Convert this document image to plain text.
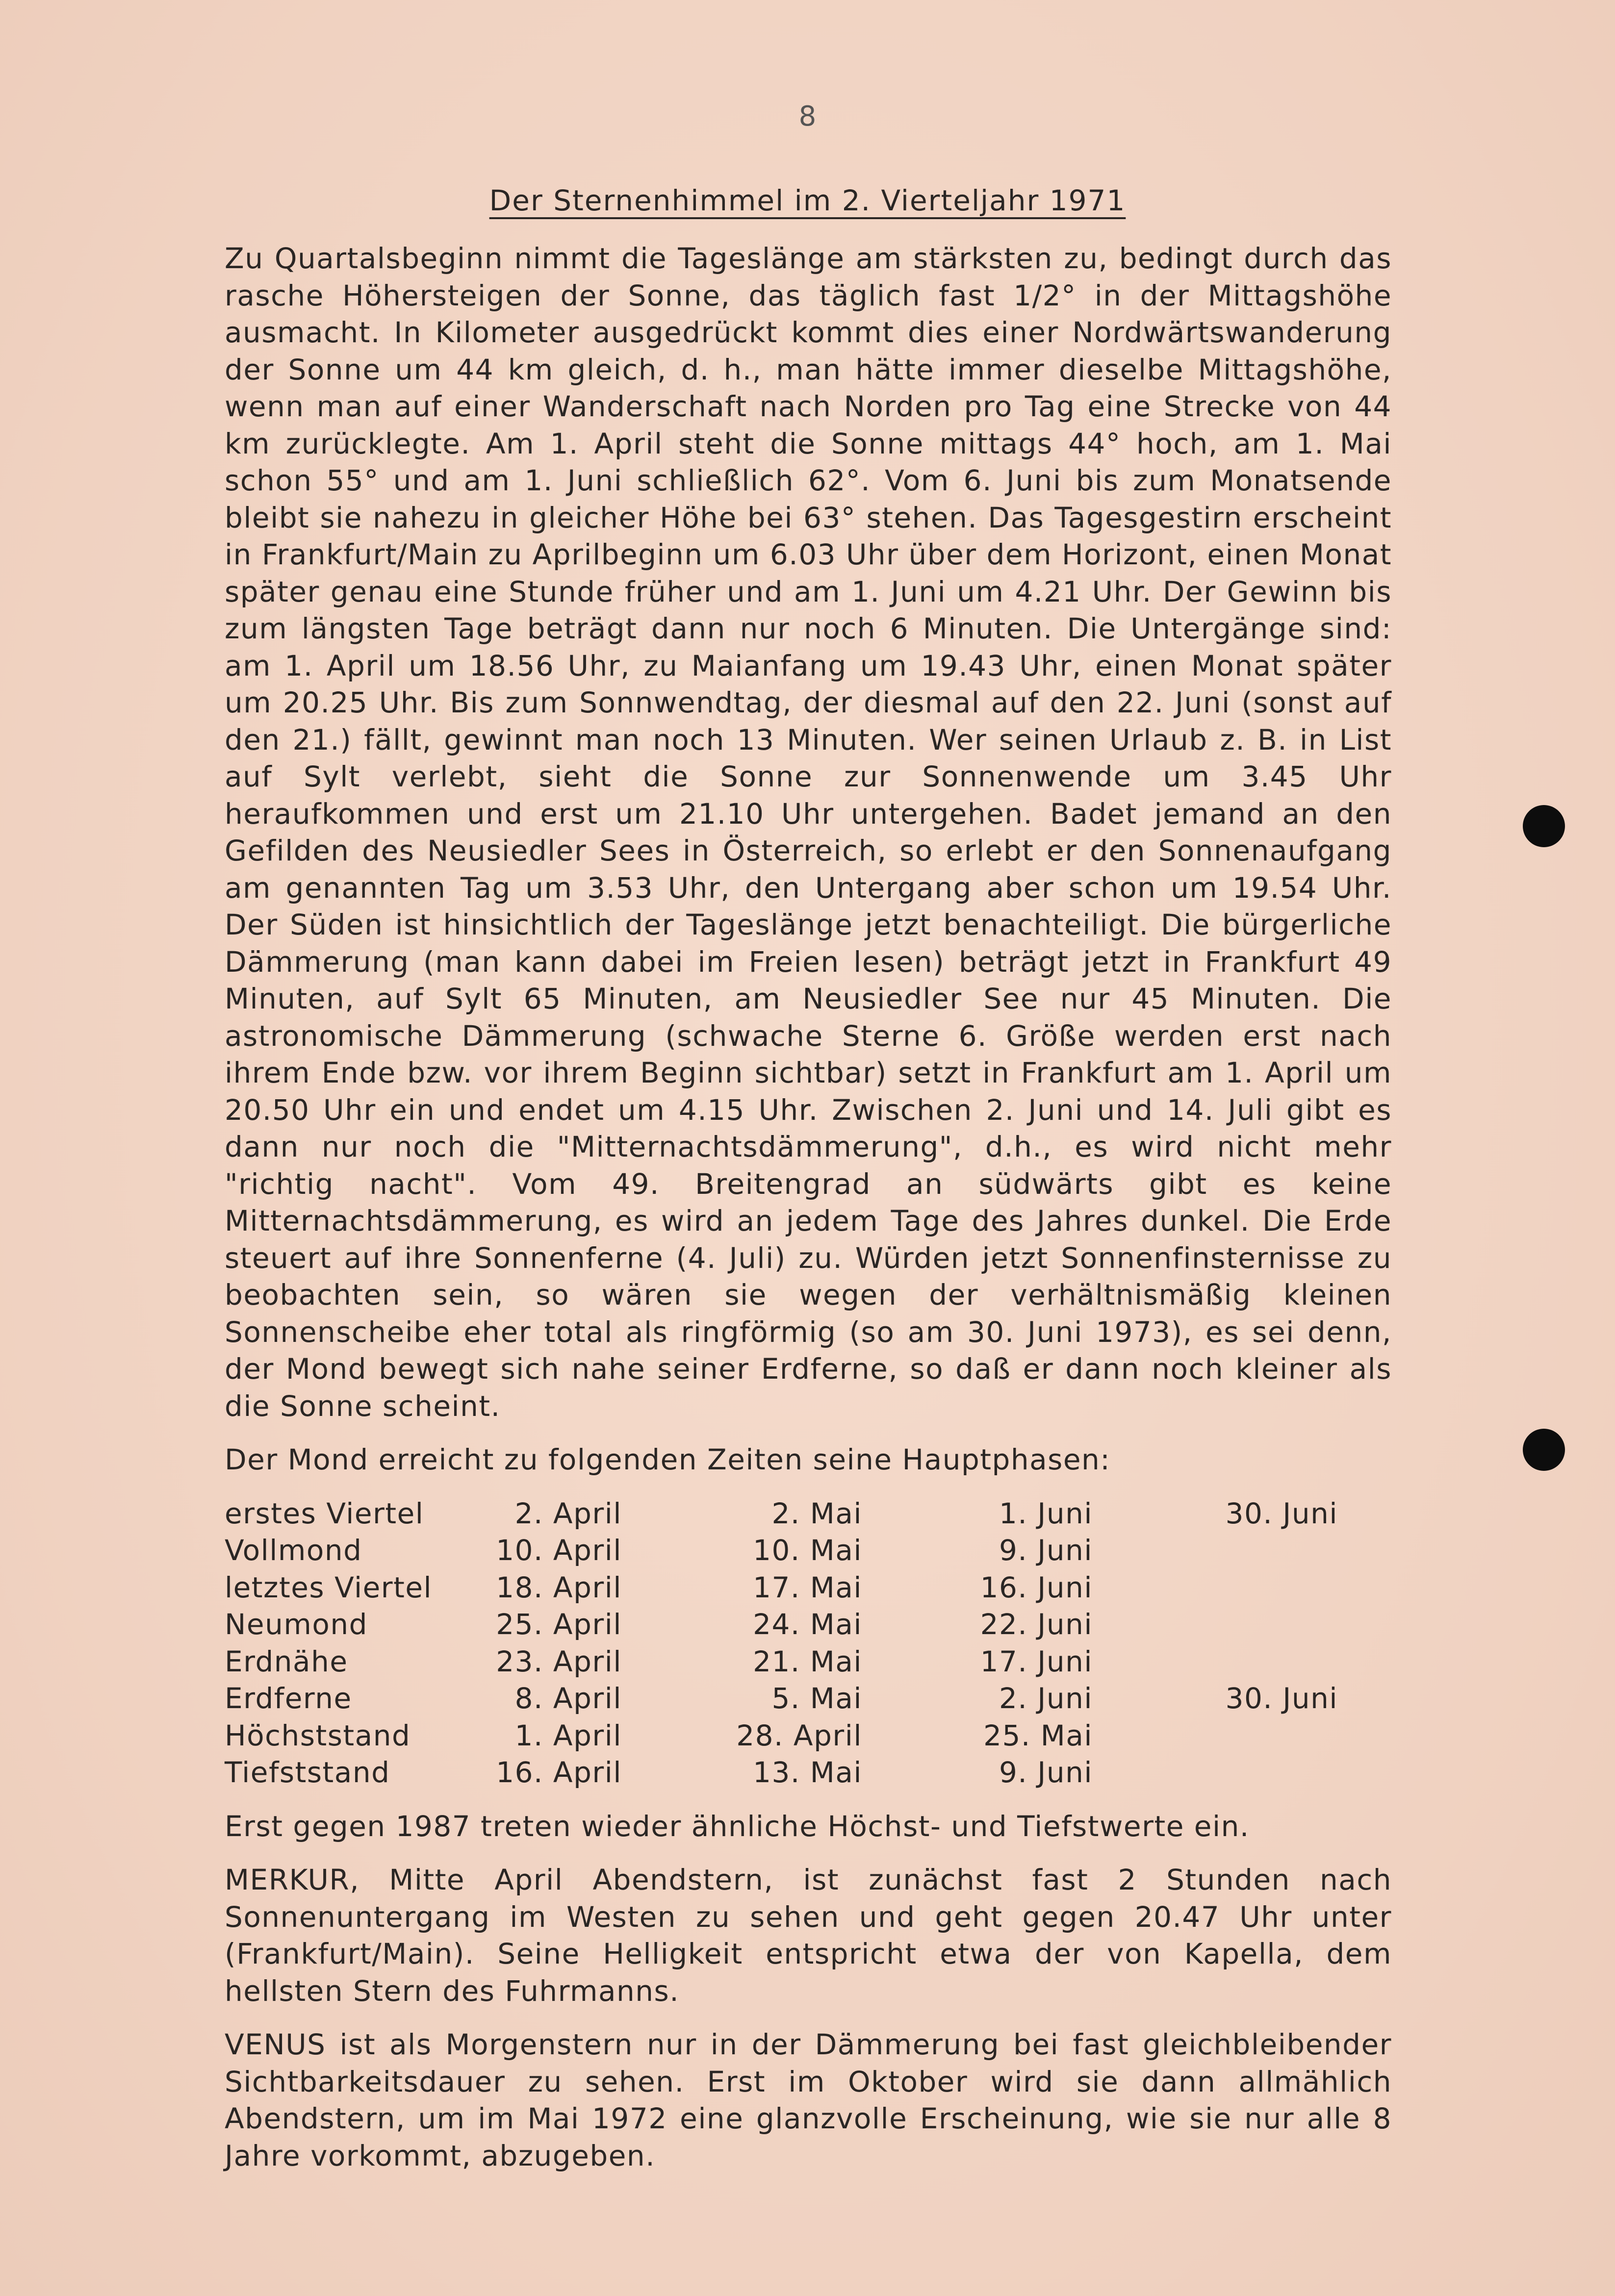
8
Der Sternenhimmel im 2. Vierteljahr 1971

Zu Quartalsbeginn nimmt die Tageslänge am stärksten zu, bedingt durch das rasche Höhersteigen der Sonne, das täglich fast 1/2° in der Mittagshöhe ausmacht. In Kilometer ausgedrückt kommt dies einer Nordwärtswanderung der Sonne um 44 km gleich, d. h., man hätte immer dieselbe Mittagshöhe, wenn man auf einer Wanderschaft nach Norden pro Tag eine Strecke von 44 km zurücklegte. Am 1. April steht die Sonne mittags 44° hoch, am 1. Mai schon 55° und am 1. Juni schließlich 62°. Vom 6. Juni bis zum Monatsende bleibt sie nahezu in gleicher Höhe bei 63° stehen. Das Tagesgestirn erscheint in Frankfurt/Main zu Aprilbeginn um 6.03 Uhr über dem Horizont, einen Monat später genau eine Stunde früher und am 1. Juni um 4.21 Uhr. Der Gewinn bis zum längsten Tage beträgt dann nur noch 6 Minuten. Die Untergänge sind: am 1. April um 18.56 Uhr, zu Maianfang um 19.43 Uhr, einen Monat später um 20.25 Uhr. Bis zum Sonnwendtag, der diesmal auf den 22. Juni (sonst auf den 21.) fällt, gewinnt man noch 13 Minuten. Wer seinen Urlaub z. B. in List auf Sylt verlebt, sieht die Sonne zur Sonnenwende um 3.45 Uhr heraufkommen und erst um 21.10 Uhr untergehen. Badet jemand an den Gefilden des Neusiedler Sees in Österreich, so erlebt er den Sonnenaufgang am genannten Tag um 3.53 Uhr, den Untergang aber schon um 19.54 Uhr. Der Süden ist hinsichtlich der Tageslänge jetzt benachteiligt. Die bürgerliche Dämmerung (man kann dabei im Freien lesen) beträgt jetzt in Frankfurt 49 Minuten, auf Sylt 65 Minuten, am Neusiedler See nur 45 Minuten. Die astronomische Dämmerung (schwache Sterne 6. Größe werden erst nach ihrem Ende bzw. vor ihrem Beginn sichtbar) setzt in Frankfurt am 1. April um 20.50 Uhr ein und endet um 4.15 Uhr. Zwischen 2. Juni und 14. Juli gibt es dann nur noch die "Mitternachtsdämmerung", d.h., es wird nicht mehr "richtig nacht". Vom 49. Breitengrad an südwärts gibt es keine Mitternachtsdämmerung, es wird an jedem Tage des Jahres dunkel. Die Erde steuert auf ihre Sonnenferne (4. Juli) zu. Würden jetzt Sonnenfinsternisse zu beobachten sein, so wären sie wegen der verhältnismäßig kleinen Sonnenscheibe eher total als ringförmig (so am 30. Juni 1973), es sei denn, der Mond bewegt sich nahe seiner Erdferne, so daß er dann noch kleiner als die Sonne scheint.

Der Mond erreicht zu folgenden Zeiten seine Hauptphasen:

erstes Viertel	2. April	2. Mai	1. Juni	30. Juni
Vollmond	10. April	10. Mai	9. Juni	
letztes Viertel	18. April	17. Mai	16. Juni	
Neumond	25. April	24. Mai	22. Juni	
Erdnähe	23. April	21. Mai	17. Juni	
Erdferne	8. April	5. Mai	2. Juni	30. Juni
Höchststand	1. April	28. April	25. Mai	
Tiefststand	16. April	13. Mai	9. Juni	

Erst gegen 1987 treten wieder ähnliche Höchst- und Tiefstwerte ein.

MERKUR, Mitte April Abendstern, ist zunächst fast 2 Stunden nach Sonnenuntergang im Westen zu sehen und geht gegen 20.47 Uhr unter (Frankfurt/Main). Seine Helligkeit entspricht etwa der von Kapella, dem hellsten Stern des Fuhrmanns.

VENUS ist als Morgenstern nur in der Dämmerung bei fast gleichbleibender Sichtbarkeitsdauer zu sehen. Erst im Oktober wird sie dann allmählich Abendstern, um im Mai 1972 eine glanzvolle Erscheinung, wie sie nur alle 8 Jahre vorkommt, abzugeben.
